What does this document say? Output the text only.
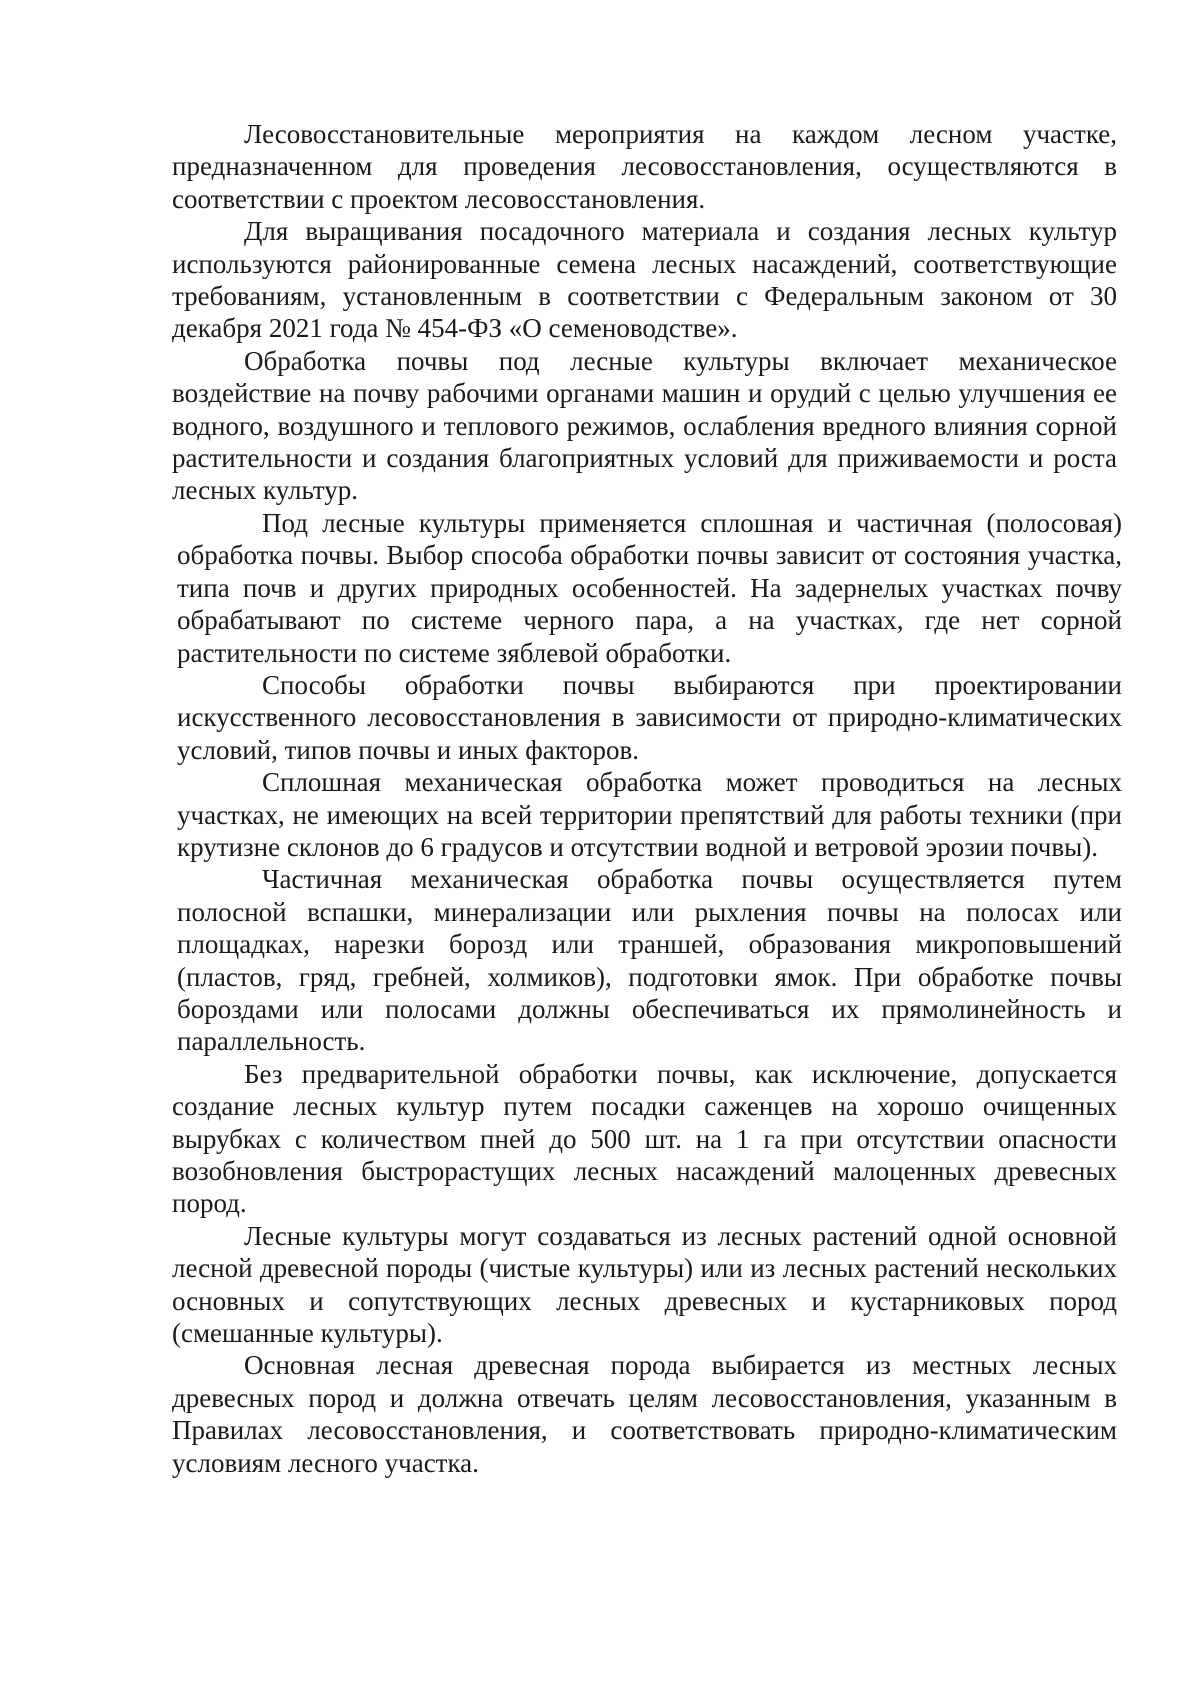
Лесовосстановительные мероприятия на каждом лесном участке, предназначенном для проведения лесовосстановления, осуществляются в соответствии с проектом лесовосстановления.

Для выращивания посадочного материала и создания лесных культур используются районированные семена лесных насаждений, соответствующие требованиям, установленным в соответствии с Федеральным законом от 30 декабря 2021 года № 454-ФЗ «О семеноводстве».

Обработка почвы под лесные культуры включает механическое воздействие на почву рабочими органами машин и орудий с целью улучшения ее водного, воздушного и теплового режимов, ослабления вредного влияния сорной растительности и создания благоприятных условий для приживаемости и роста лесных культур.

Под лесные культуры применяется сплошная и частичная (полосовая) обработка почвы. Выбор способа обработки почвы зависит от состояния участка, типа почв и других природных особенностей. На задернелых участках почву обрабатывают по системе черного пара, а на участках, где нет сорной растительности по системе зяблевой обработки.

Способы обработки почвы выбираются при проектировании искусственного лесовосстановления в зависимости от природно-климатических условий, типов почвы и иных факторов.

Сплошная механическая обработка может проводиться на лесных участках, не имеющих на всей территории препятствий для работы техники (при крутизне склонов до 6 градусов и отсутствии водной и ветровой эрозии почвы).

Частичная механическая обработка почвы осуществляется путем полосной вспашки, минерализации или рыхления почвы на полосах или площадках, нарезки борозд или траншей, образования микроповышений (пластов, гряд, гребней, холмиков), подготовки ямок. При обработке почвы бороздами или полосами должны обеспечиваться их прямолинейность и параллельность.

Без предварительной обработки почвы, как исключение, допускается создание лесных культур путем посадки саженцев на хорошо очищенных вырубках с количеством пней до 500 шт. на 1 га при отсутствии опасности возобновления быстрорастущих лесных насаждений малоценных древесных пород.

Лесные культуры могут создаваться из лесных растений одной основной лесной древесной породы (чистые культуры) или из лесных растений нескольких основных и сопутствующих лесных древесных и кустарниковых пород (смешанные культуры).

Основная лесная древесная порода выбирается из местных лесных древесных пород и должна отвечать целям лесовосстановления, указанным в Правилах лесовосстановления, и соответствовать природно-климатическим условиям лесного участка.
